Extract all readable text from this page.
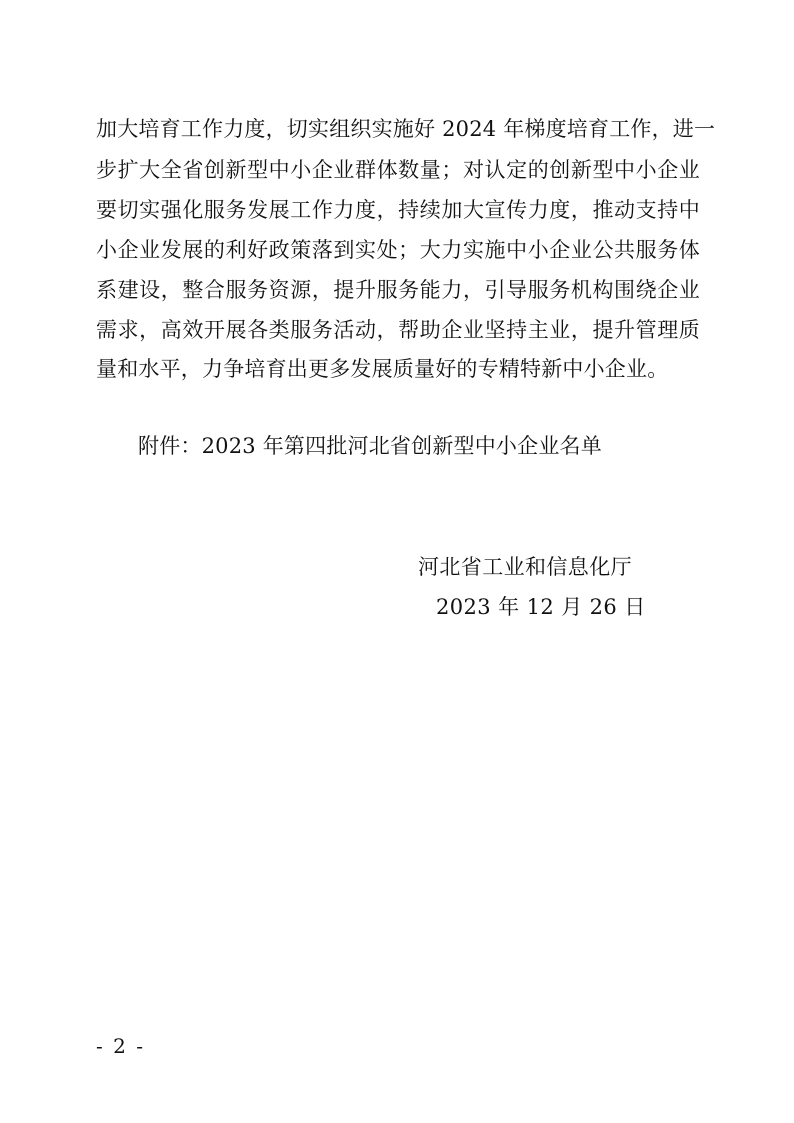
加大培育工作力度，切实组织实施好 2024 年梯度培育工作，进一
步扩大全省创新型中小企业群体数量；对认定的创新型中小企业
要切实强化服务发展工作力度，持续加大宣传力度，推动支持中
小企业发展的利好政策落到实处；大力实施中小企业公共服务体
系建设，整合服务资源，提升服务能力，引导服务机构围绕企业
需求，高效开展各类服务活动，帮助企业坚持主业，提升管理质
量和水平，力争培育出更多发展质量好的专精特新中小企业。
附件：2023 年第四批河北省创新型中小企业名单
河北省工业和信息化厅
2023 年 12 月 26 日
- 2 -
